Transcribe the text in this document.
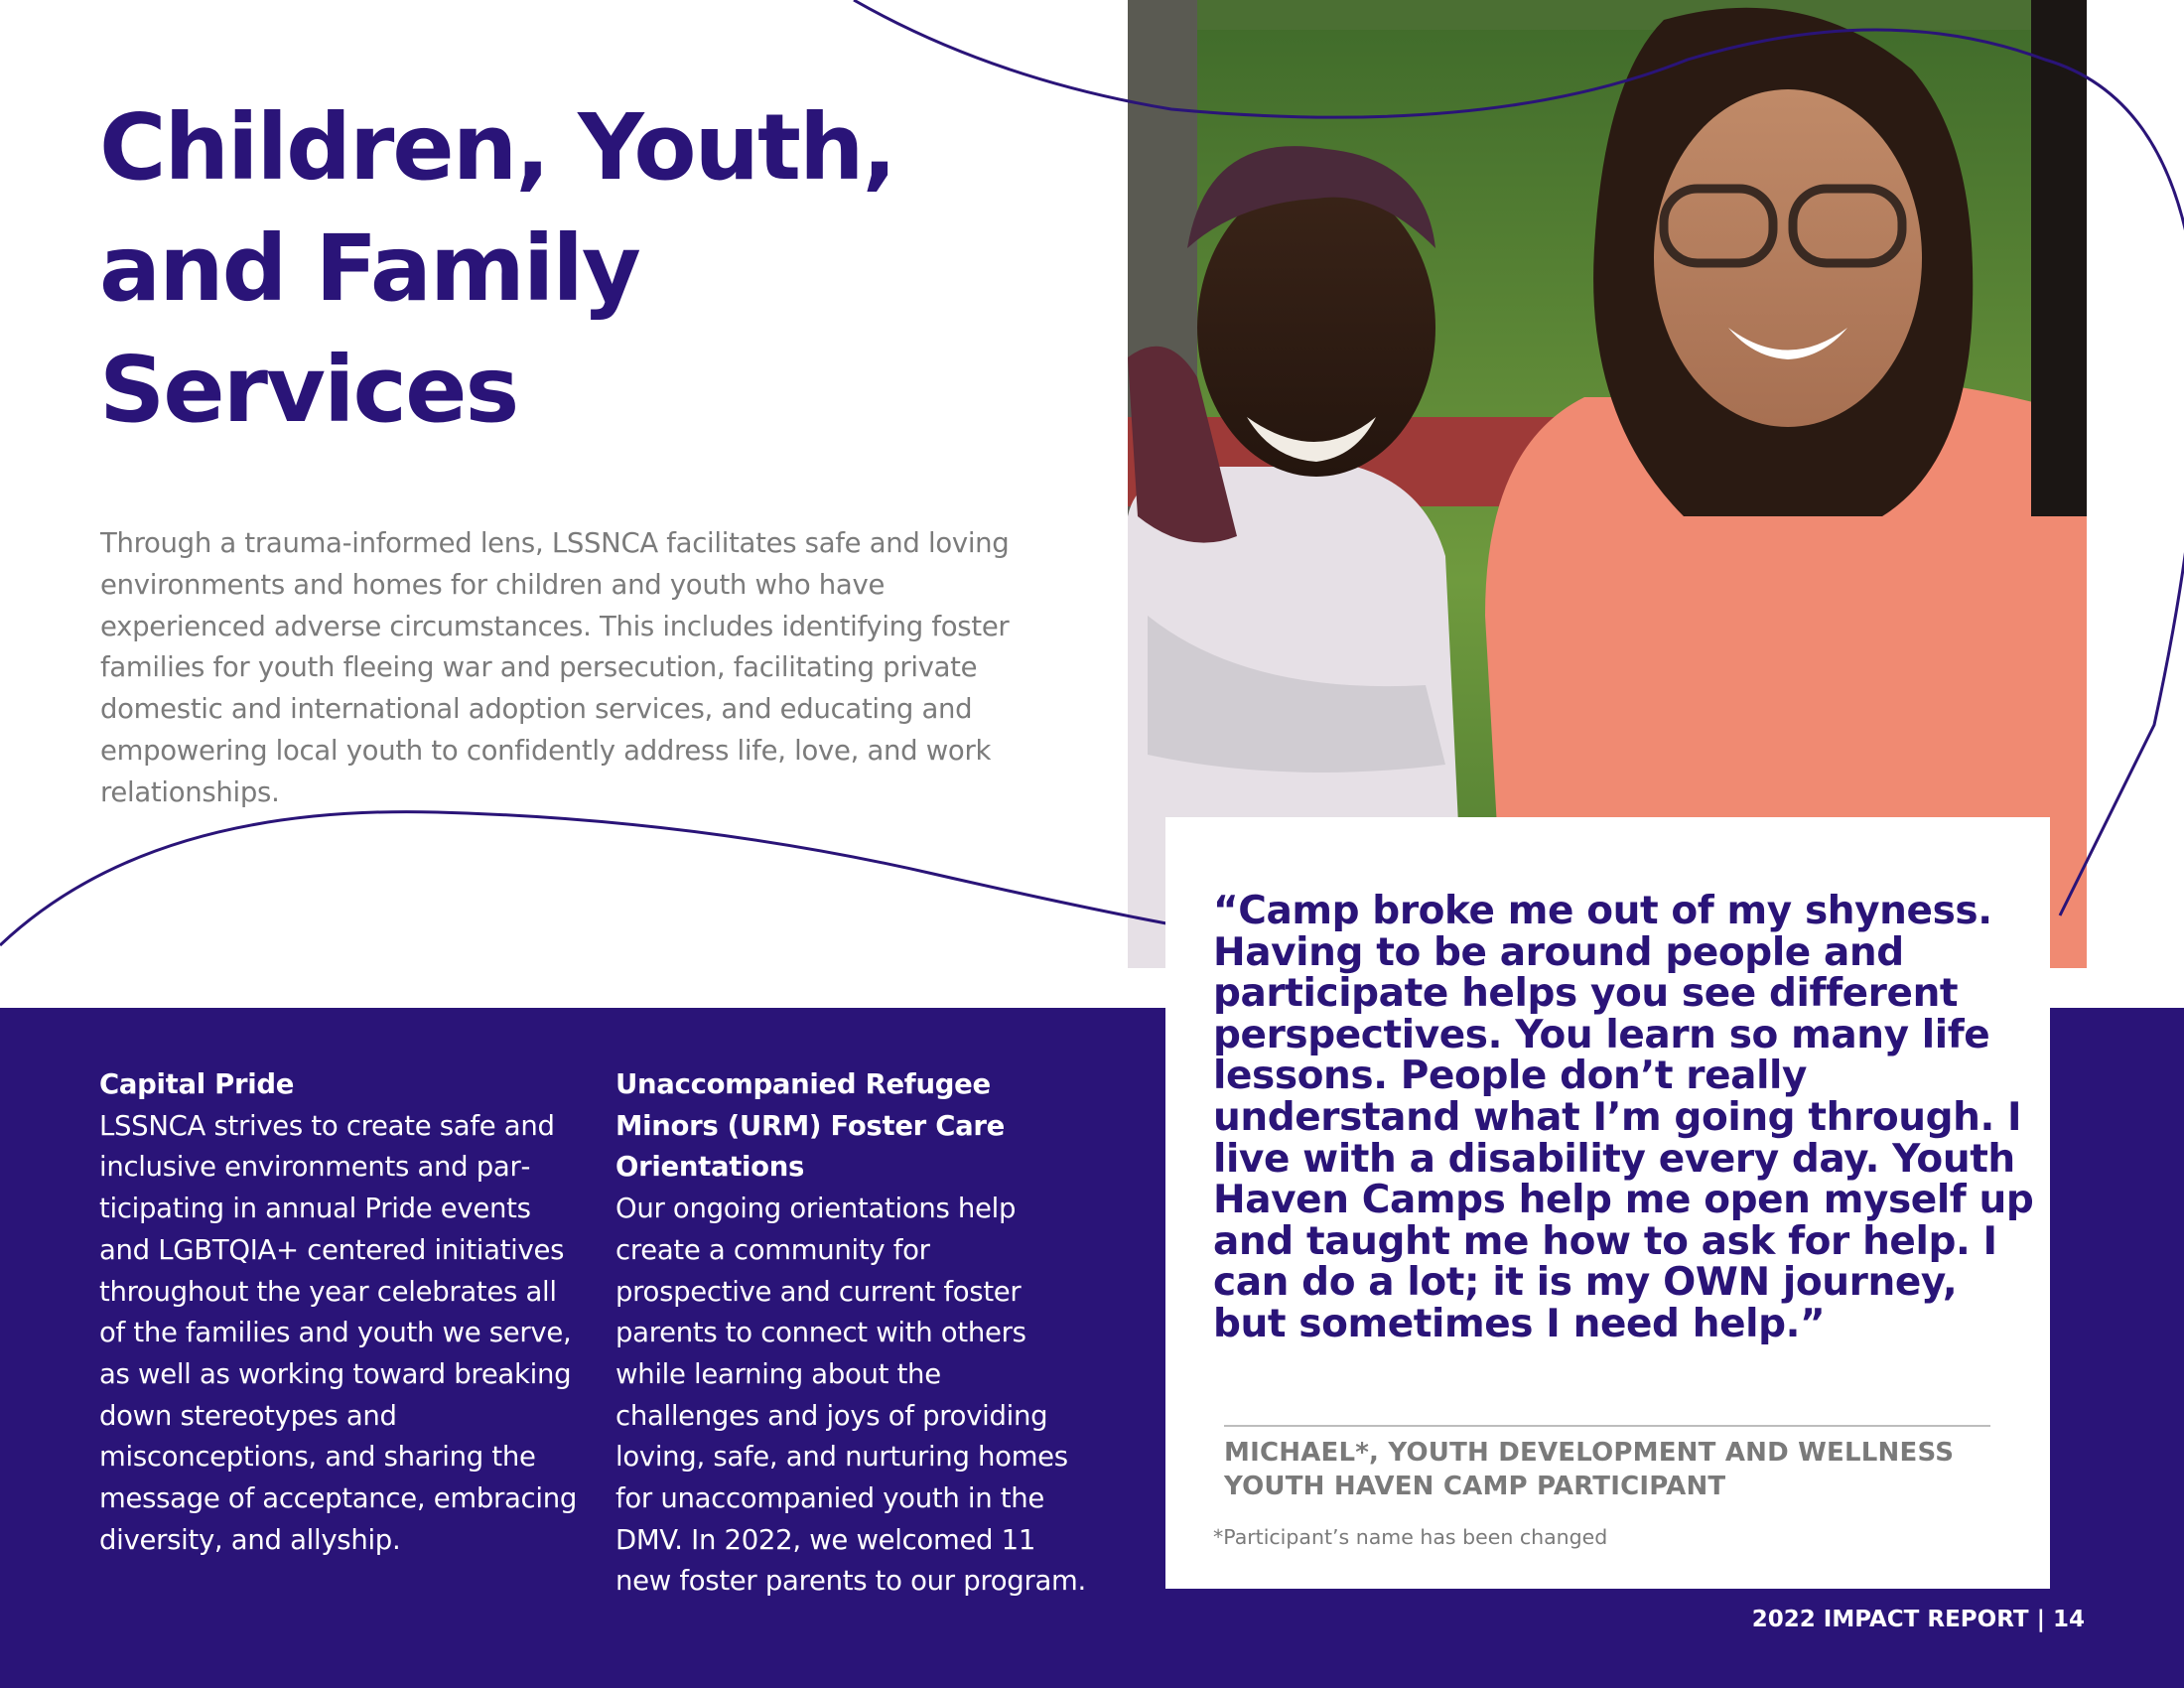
Children, Youth,
and Family
Services

Through a trauma-informed lens, LSSNCA facilitates safe and loving environments and homes for children and youth who have experienced adverse circumstances. This includes identifying foster families for youth fleeing war and persecution, facilitating private domestic and international adoption services, and educating and empowering local youth to confidently address life, love, and work relationships.

Capital Pride

LSSNCA strives to create safe and inclusive environments and participating in annual Pride events and LGBTQIA+ centered initiatives throughout the year celebrates all of the families and youth we serve, as well as working toward breaking down stereotypes and misconceptions, and sharing the message of acceptance, embracing diversity, and allyship.

Unaccompanied Refugee Minors (URM) Foster Care Orientations

Our ongoing orientations help create a community for prospective and current foster parents to connect with others while learning about the challenges and joys of providing loving, safe, and nurturing homes for unaccompanied youth in the DMV. In 2022, we welcomed 11 new foster parents to our program.

“Camp broke me out of my shyness. Having to be around people and participate helps you see different perspectives. You learn so many life lessons. People don’t really understand what I’m going through. I live with a disability every day. Youth Haven Camps help me open myself up and taught me how to ask for help. I can do a lot; it is my OWN journey, but sometimes I need help.”

MICHAEL*, YOUTH DEVELOPMENT AND WELLNESS
YOUTH HAVEN CAMP PARTICIPANT

*Participant’s name has been changed

2022 IMPACT REPORT | 14
